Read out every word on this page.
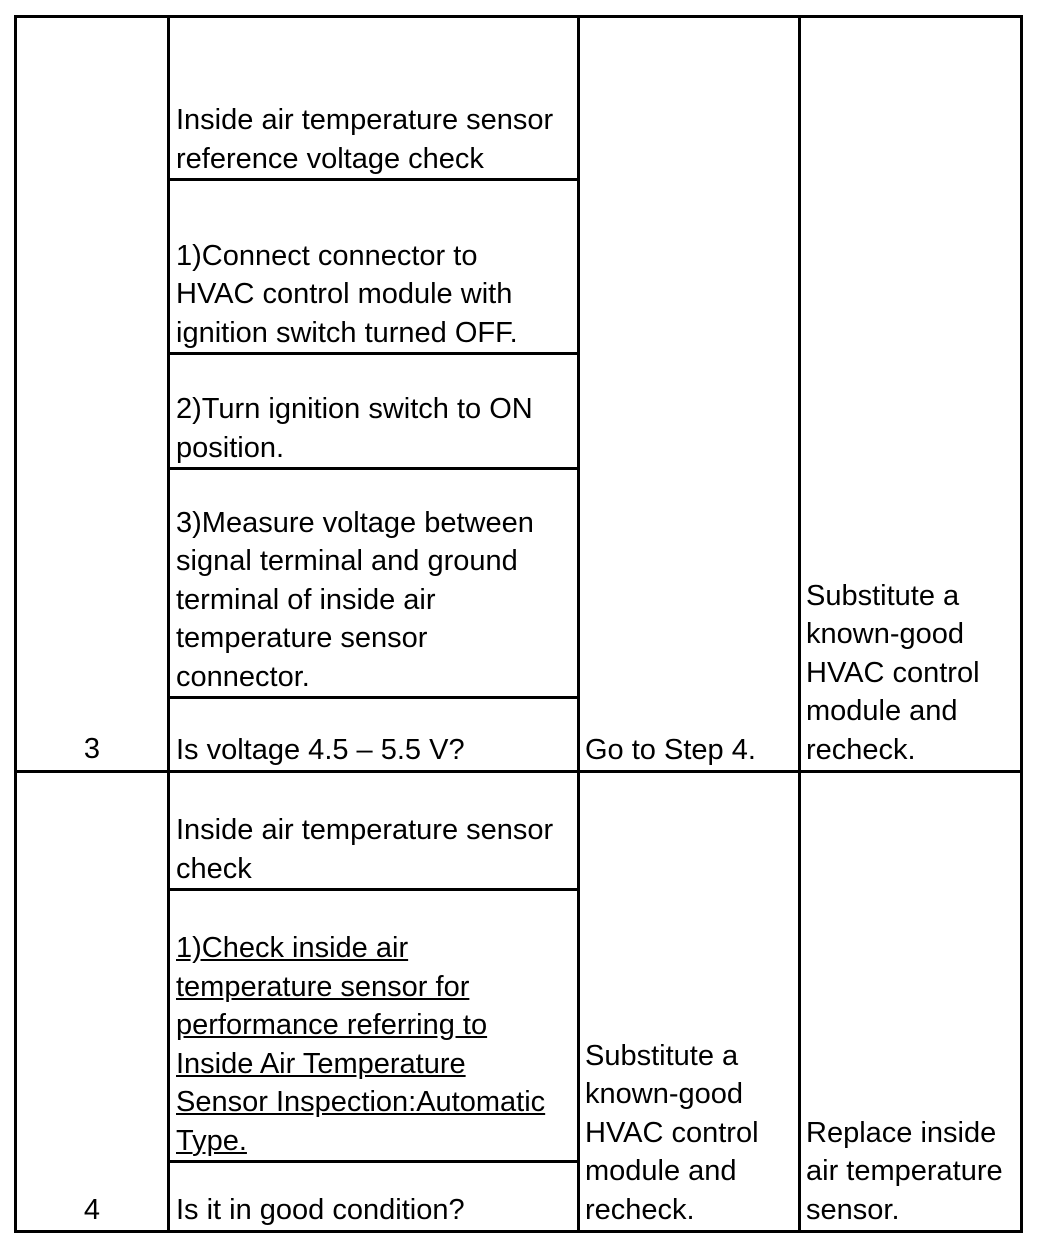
3
Inside air temperature sensor
reference voltage check
1)Connect connector to
HVAC control module with
ignition switch turned OFF.
2)Turn ignition switch to ON
position.
3)Measure voltage between
signal terminal and ground
terminal of inside air
temperature sensor
connector.
Is voltage 4.5 – 5.5 V?	Go to Step 4.
Substitute a
known-good
HVAC control
module and
recheck.
4
Inside air temperature sensor
check
1)Check inside air
temperature sensor for
performance referring to
Inside Air Temperature
Sensor Inspection:Automatic
Type.
Is it in good condition?
Substitute a
known-good
HVAC control
module and
recheck.
Replace inside
air temperature
sensor.
